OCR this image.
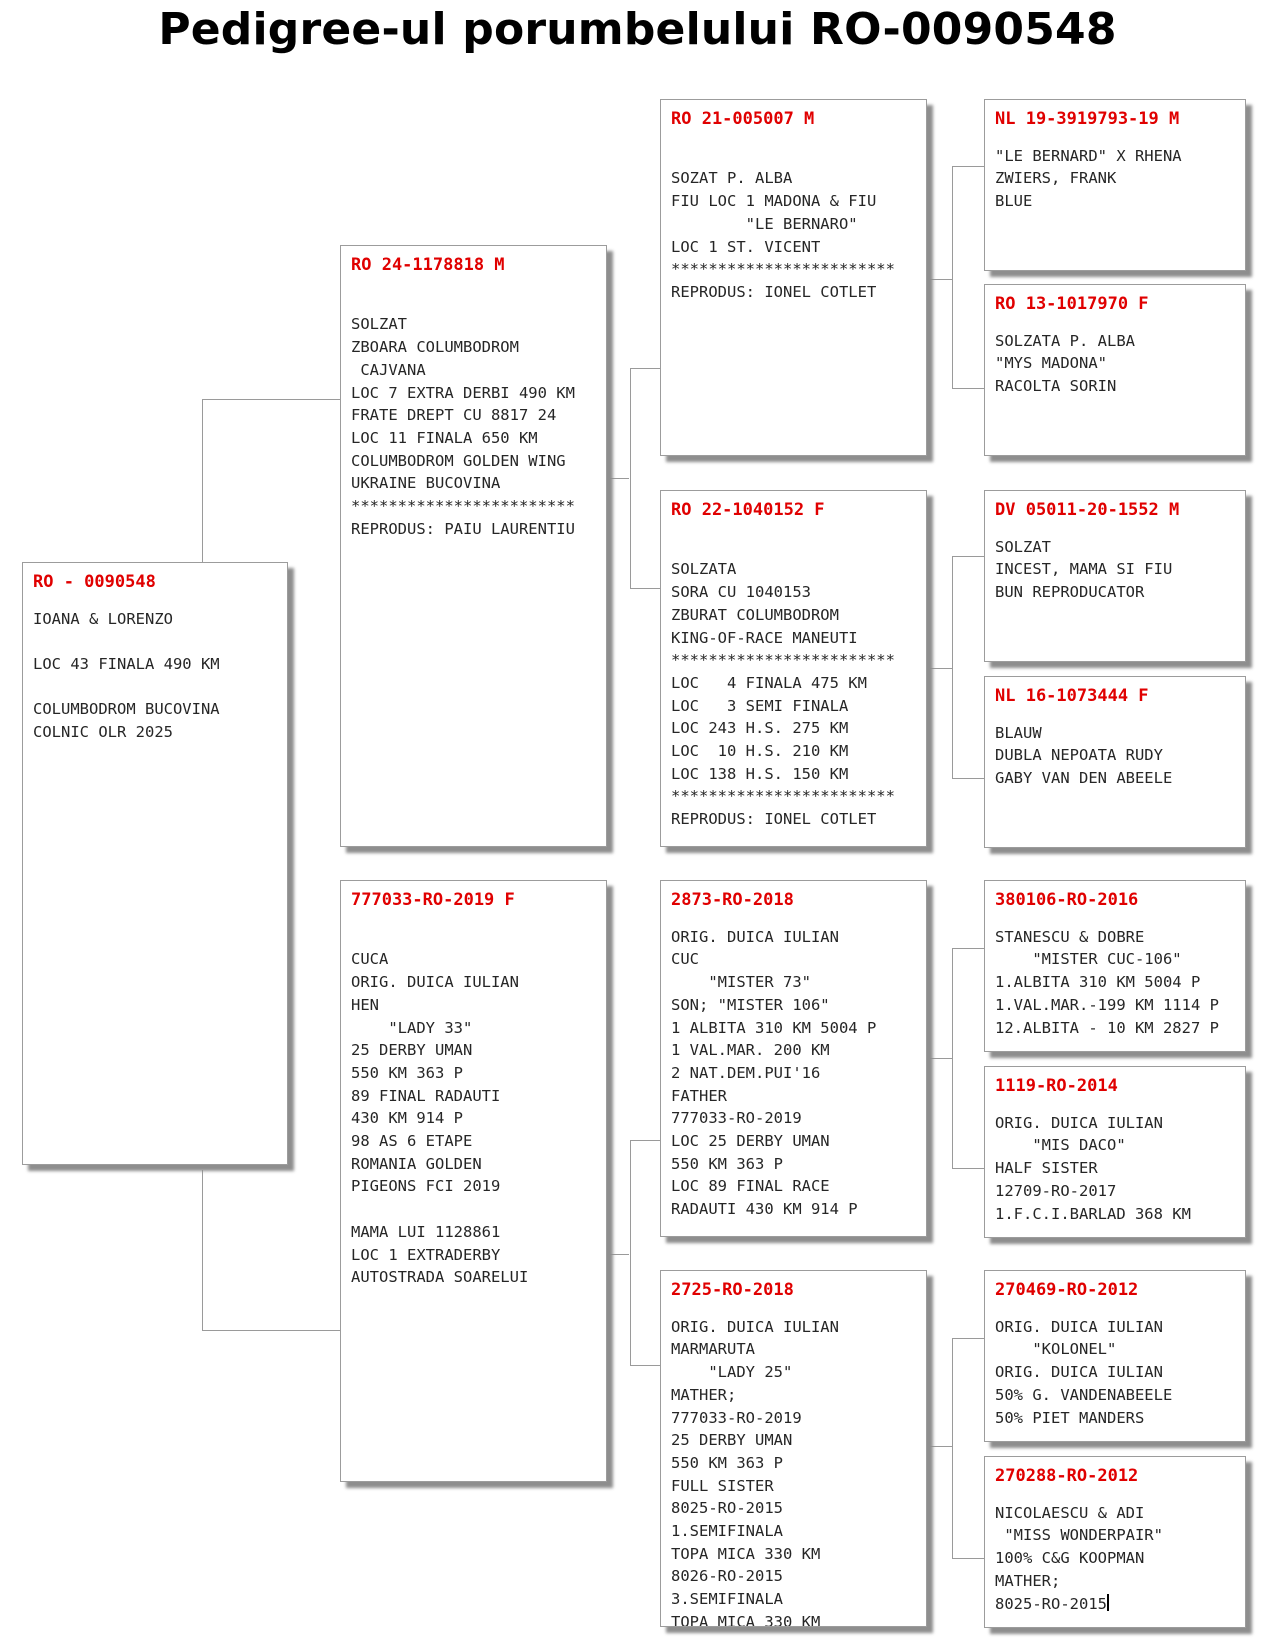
Pedigree-ul porumbelului RO-0090548
RO - 0090548
IOANA & LORENZO
LOC 43 FINALA 490 KM
COLUMBODROM BUCOVINA
COLNIC OLR 2025
RO 24-1178818 M
SOLZAT
ZBOARA COLUMBODROM
CAJVANA
LOC 7 EXTRA DERBI 490 KM
FRATE DREPT CU 8817 24
LOC 11 FINALA 650 KM
COLUMBODROM GOLDEN WING
UKRAINE BUCOVINA
************************
REPRODUS: PAIU LAURENTIU
777033-RO-2019 F
CUCA
ORIG. DUICA IULIAN
HEN
"LADY 33"
25 DERBY UMAN
550 KM 363 P
89 FINAL RADAUTI
430 KM 914 P
98 AS 6 ETAPE
ROMANIA GOLDEN
PIGEONS FCI 2019
MAMA LUI 1128861
LOC 1 EXTRADERBY
AUTOSTRADA SOARELUI
RO 21-005007 M
SOZAT P. ALBA
FIU LOC 1 MADONA & FIU
"LE BERNARO"
LOC 1 ST. VICENT
************************
REPRODUS: IONEL COTLET
RO 22-1040152 F
SOLZATA
SORA CU 1040153
ZBURAT COLUMBODROM
KING-OF-RACE MANEUTI
************************
LOC   4 FINALA 475 KM
LOC   3 SEMI FINALA
LOC 243 H.S. 275 KM
LOC  10 H.S. 210 KM
LOC 138 H.S. 150 KM
************************
REPRODUS: IONEL COTLET
2873-RO-2018
ORIG. DUICA IULIAN
CUC
"MISTER 73"
SON; "MISTER 106"
1 ALBITA 310 KM 5004 P
1 VAL.MAR. 200 KM
2 NAT.DEM.PUI'16
FATHER
777033-RO-2019
LOC 25 DERBY UMAN
550 KM 363 P
LOC 89 FINAL RACE
RADAUTI 430 KM 914 P
2725-RO-2018
ORIG. DUICA IULIAN
MARMARUTA
"LADY 25"
MATHER;
777033-RO-2019
25 DERBY UMAN
550 KM 363 P
FULL SISTER
8025-RO-2015
1.SEMIFINALA
TOPA MICA 330 KM
8026-RO-2015
3.SEMIFINALA
TOPA MICA 330 KM
NL 19-3919793-19 M
"LE BERNARD" X RHENA
ZWIERS, FRANK
BLUE
RO 13-1017970 F
SOLZATA P. ALBA
"MYS MADONA"
RACOLTA SORIN
DV 05011-20-1552 M
SOLZAT
INCEST, MAMA SI FIU
BUN REPRODUCATOR
NL 16-1073444 F
BLAUW
DUBLA NEPOATA RUDY
GABY VAN DEN ABEELE
380106-RO-2016
STANESCU & DOBRE
"MISTER CUC-106"
1.ALBITA 310 KM 5004 P
1.VAL.MAR.-199 KM 1114 P
12.ALBITA - 10 KM 2827 P
1119-RO-2014
ORIG. DUICA IULIAN
"MIS DACO"
HALF SISTER
12709-RO-2017
1.F.C.I.BARLAD 368 KM
270469-RO-2012
ORIG. DUICA IULIAN
"KOLONEL"
ORIG. DUICA IULIAN
50% G. VANDENABEELE
50% PIET MANDERS
270288-RO-2012
NICOLAESCU & ADI
"MISS WONDERPAIR"
100% C&G KOOPMAN
MATHER;
8025-RO-2015
